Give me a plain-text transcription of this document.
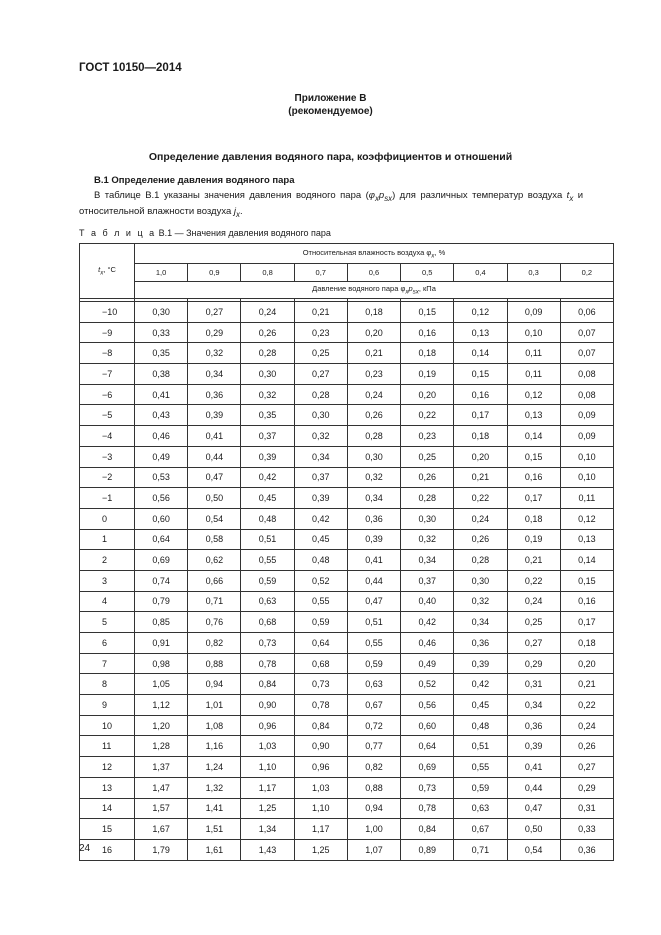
ГОСТ 10150—2014
Приложение В
(рекомендуемое)
Определение давления водяного пара, коэффициентов и отношений
В.1 Определение давления водяного пара
В таблице В.1 указаны значения давления водяного пара $(\varphi_xp_{sx})$ для различных температур воздуха $t_x$ и относительной влажности воздуха $j_x$.
Т а б л и ц а В.1 — Значения давления водяного пара
$t_x$, °С	Относительная влажность воздуха $\varphi_x$, %								
	1,0	0,9	0,8	0,7	0,6	0,5	0,4	0,3	0,2
	Давление водяного пара $\varphi_xp_{sx}$, кПа								

−10	0,30	0,27	0,24	0,21	0,18	0,15	0,12	0,09	0,06
−9	0,33	0,29	0,26	0,23	0,20	0,16	0,13	0,10	0,07
−8	0,35	0,32	0,28	0,25	0,21	0,18	0,14	0,11	0,07
−7	0,38	0,34	0,30	0,27	0,23	0,19	0,15	0,11	0,08
−6	0,41	0,36	0,32	0,28	0,24	0,20	0,16	0,12	0,08
−5	0,43	0,39	0,35	0,30	0,26	0,22	0,17	0,13	0,09
−4	0,46	0,41	0,37	0,32	0,28	0,23	0,18	0,14	0,09
−3	0,49	0,44	0,39	0,34	0,30	0,25	0,20	0,15	0,10
−2	0,53	0,47	0,42	0,37	0,32	0,26	0,21	0,16	0,10
−1	0,56	0,50	0,45	0,39	0,34	0,28	0,22	0,17	0,11
0	0,60	0,54	0,48	0,42	0,36	0,30	0,24	0,18	0,12
1	0,64	0,58	0,51	0,45	0,39	0,32	0,26	0,19	0,13
2	0,69	0,62	0,55	0,48	0,41	0,34	0,28	0,21	0,14
3	0,74	0,66	0,59	0,52	0,44	0,37	0,30	0,22	0,15
4	0,79	0,71	0,63	0,55	0,47	0,40	0,32	0,24	0,16
5	0,85	0,76	0,68	0,59	0,51	0,42	0,34	0,25	0,17
6	0,91	0,82	0,73	0,64	0,55	0,46	0,36	0,27	0,18
7	0,98	0,88	0,78	0,68	0,59	0,49	0,39	0,29	0,20
8	1,05	0,94	0,84	0,73	0,63	0,52	0,42	0,31	0,21
9	1,12	1,01	0,90	0,78	0,67	0,56	0,45	0,34	0,22
10	1,20	1,08	0,96	0,84	0,72	0,60	0,48	0,36	0,24
11	1,28	1,16	1,03	0,90	0,77	0,64	0,51	0,39	0,26
12	1,37	1,24	1,10	0,96	0,82	0,69	0,55	0,41	0,27
13	1,47	1,32	1,17	1,03	0,88	0,73	0,59	0,44	0,29
14	1,57	1,41	1,25	1,10	0,94	0,78	0,63	0,47	0,31
15	1,67	1,51	1,34	1,17	1,00	0,84	0,67	0,50	0,33
16	1,79	1,61	1,43	1,25	1,07	0,89	0,71	0,54	0,36
24
